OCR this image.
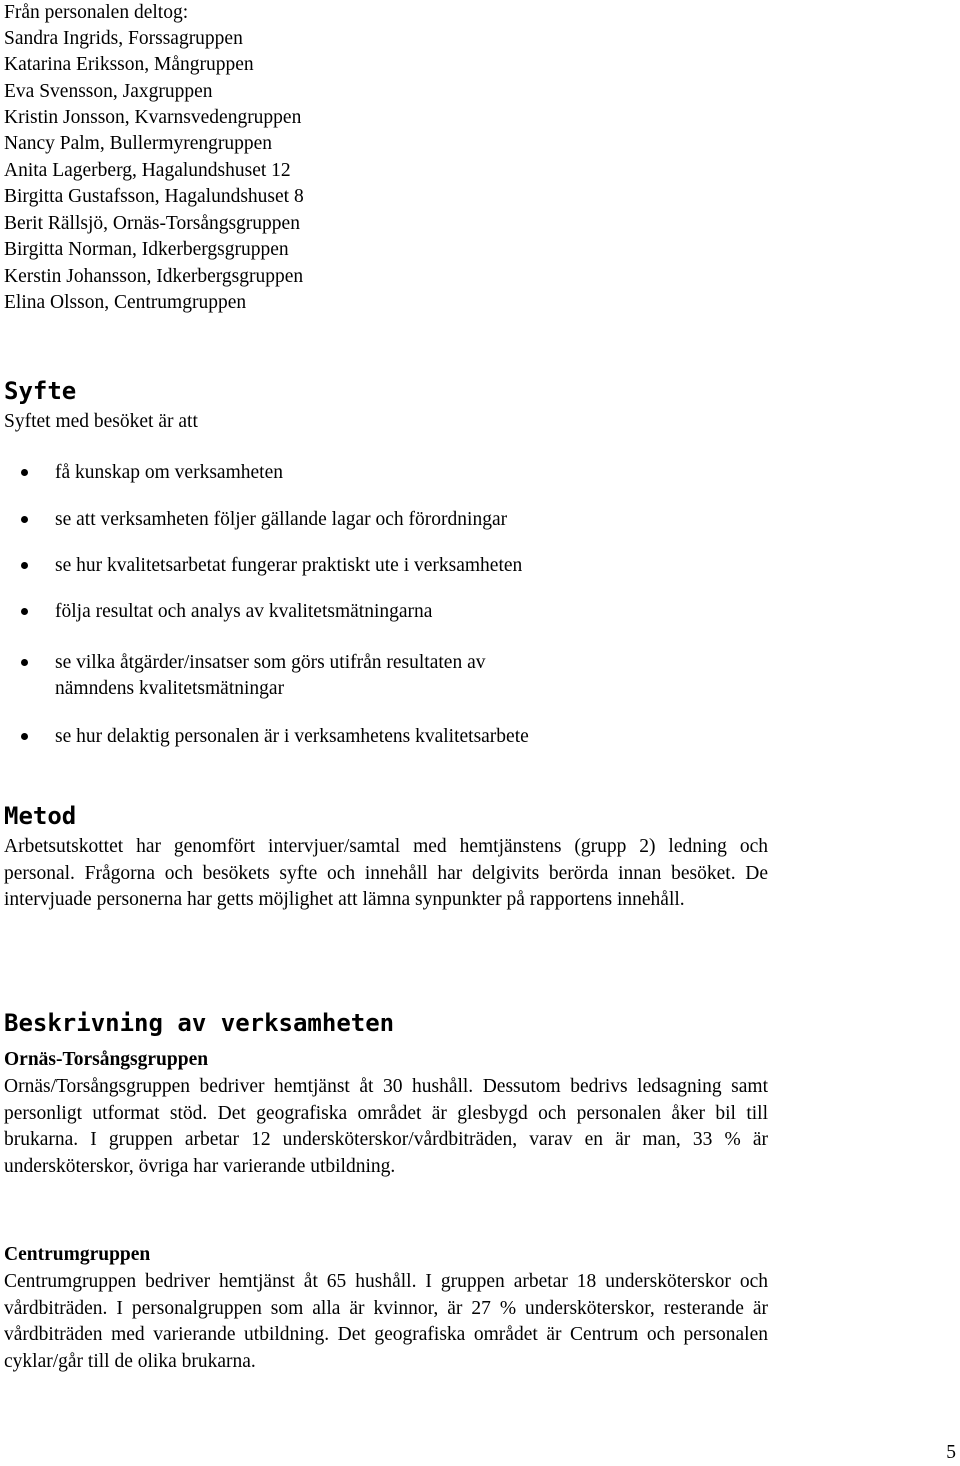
Från personalen deltog:

Sandra Ingrids, Forssagruppen

Katarina Eriksson, Mångruppen

Eva Svensson, Jaxgruppen

Kristin Jonsson, Kvarnsvedengruppen

Nancy Palm, Bullermyrengruppen

Anita Lagerberg, Hagalundshuset 12

Birgitta Gustafsson, Hagalundshuset 8

Berit Rällsjö, Ornäs-Torsångsgruppen

Birgitta Norman, Idkerbergsgruppen

Kerstin Johansson, Idkerbergsgruppen

Elina Olsson, Centrumgruppen

Syfte

Syftet med besöket är att

få kunskap om verksamheten
se att verksamheten följer gällande lagar och förordningar
se hur kvalitetsarbetat fungerar praktiskt ute i verksamheten
följa resultat och analys av kvalitetsmätningarna
se vilka åtgärder/insatser som görs utifrån resultaten av
nämndens kvalitetsmätningar
se hur delaktig personalen är i verksamhetens kvalitetsarbete
Metod

Arbetsutskottet har genomfört intervjuer/samtal med hemtjänstens (grupp 2) ledning och personal. Frågorna och besökets syfte och innehåll har delgivits berörda innan besöket. De intervjuade personerna har getts möjlighet att lämna synpunkter på rapportens innehåll.

Beskrivning av verksamheten

Ornäs-Torsångsgruppen

Ornäs/Torsångsgruppen bedriver hemtjänst åt 30 hushåll. Dessutom bedrivs ledsagning samt personligt utformat stöd. Det geografiska området är glesbygd och personalen åker bil till brukarna. I gruppen arbetar 12 undersköterskor/vårdbiträden, varav en är man, 33 % är undersköterskor, övriga har varierande utbildning.

Centrumgruppen

Centrumgruppen bedriver hemtjänst åt 65 hushåll. I gruppen arbetar 18 undersköterskor och vårdbiträden. I personalgruppen som alla är kvinnor, är 27 % undersköterskor, resterande är vårdbiträden med varierande utbildning. Det geografiska området är Centrum och personalen cyklar/går till de olika brukarna.

5
